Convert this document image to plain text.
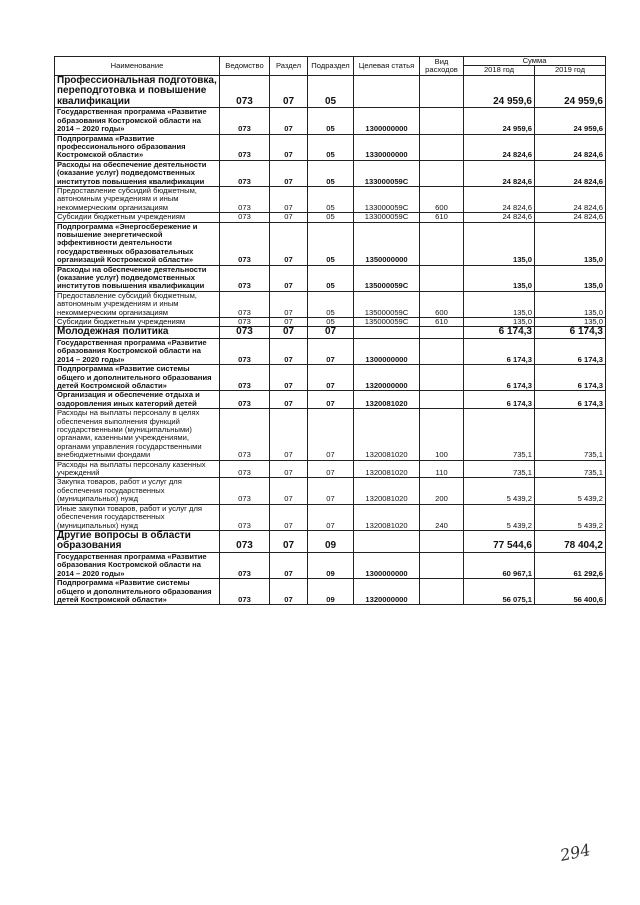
Наименование	Ведомство	Раздел	Подраздел	Целевая статья	Вид расходов	Сумма	
						2018 год	2019 год
Профессиональная подготовка, переподготовка и повышение квалификации	073	07	05			24 959,6	24 959,6
Государственная программа «Развитие образования Костромской области на 2014 – 2020 годы»	073	07	05	1300000000		24 959,6	24 959,6
Подпрограмма «Развитие профессионального образования Костромской области»	073	07	05	1330000000		24 824,6	24 824,6
Расходы на обеспечение деятельности (оказание услуг) подведомственных институтов повышения квалификации	073	07	05	133000059С		24 824,6	24 824,6
Предоставление субсидий бюджетным, автономным учреждениям и иным некоммерческим организациям	073	07	05	133000059С	600	24 824,6	24 824,6
Субсидии бюджетным учреждениям	073	07	05	133000059С	610	24 824,6	24 824,6
Подпрограмма «Энергосбережение и повышение энергетической эффективности деятельности государственных образовательных организаций Костромской области»	073	07	05	1350000000		135,0	135,0
Расходы на обеспечение деятельности (оказание услуг) подведомственных институтов повышения квалификации	073	07	05	135000059С		135,0	135,0
Предоставление субсидий бюджетным, автономным учреждениям и иным некоммерческим организациям	073	07	05	135000059С	600	135,0	135,0
Субсидии бюджетным учреждениям	073	07	05	135000059С	610	135,0	135,0
Молодежная политика	073	07	07			6 174,3	6 174,3
Государственная программа «Развитие образования Костромской области на 2014 – 2020 годы»	073	07	07	1300000000		6 174,3	6 174,3
Подпрограмма «Развитие системы общего и дополнительного образования детей Костромской области»	073	07	07	1320000000		6 174,3	6 174,3
Организация и обеспечение отдыха и оздоровления иных категорий детей	073	07	07	1320081020		6 174,3	6 174,3
Расходы на выплаты персоналу в целях обеспечения выполнения функций государственными (муниципальными) органами, казенными учреждениями, органами управления государственными внебюджетными фондами	073	07	07	1320081020	100	735,1	735,1
Расходы на выплаты персоналу казенных учреждений	073	07	07	1320081020	110	735,1	735,1
Закупка товаров, работ и услуг для обеспечения государственных (муниципальных) нужд	073	07	07	1320081020	200	5 439,2	5 439,2
Иные закупки товаров, работ и услуг для обеспечения государственных (муниципальных) нужд	073	07	07	1320081020	240	5 439,2	5 439,2
Другие вопросы в области образования	073	07	09			77 544,6	78 404,2
Государственная программа «Развитие образования Костромской области на 2014 – 2020 годы»	073	07	09	1300000000		60 967,1	61 292,6
Подпрограмма «Развитие системы общего и дополнительного образования детей Костромской области»	073	07	09	1320000000		56 075,1	56 400,6
294
